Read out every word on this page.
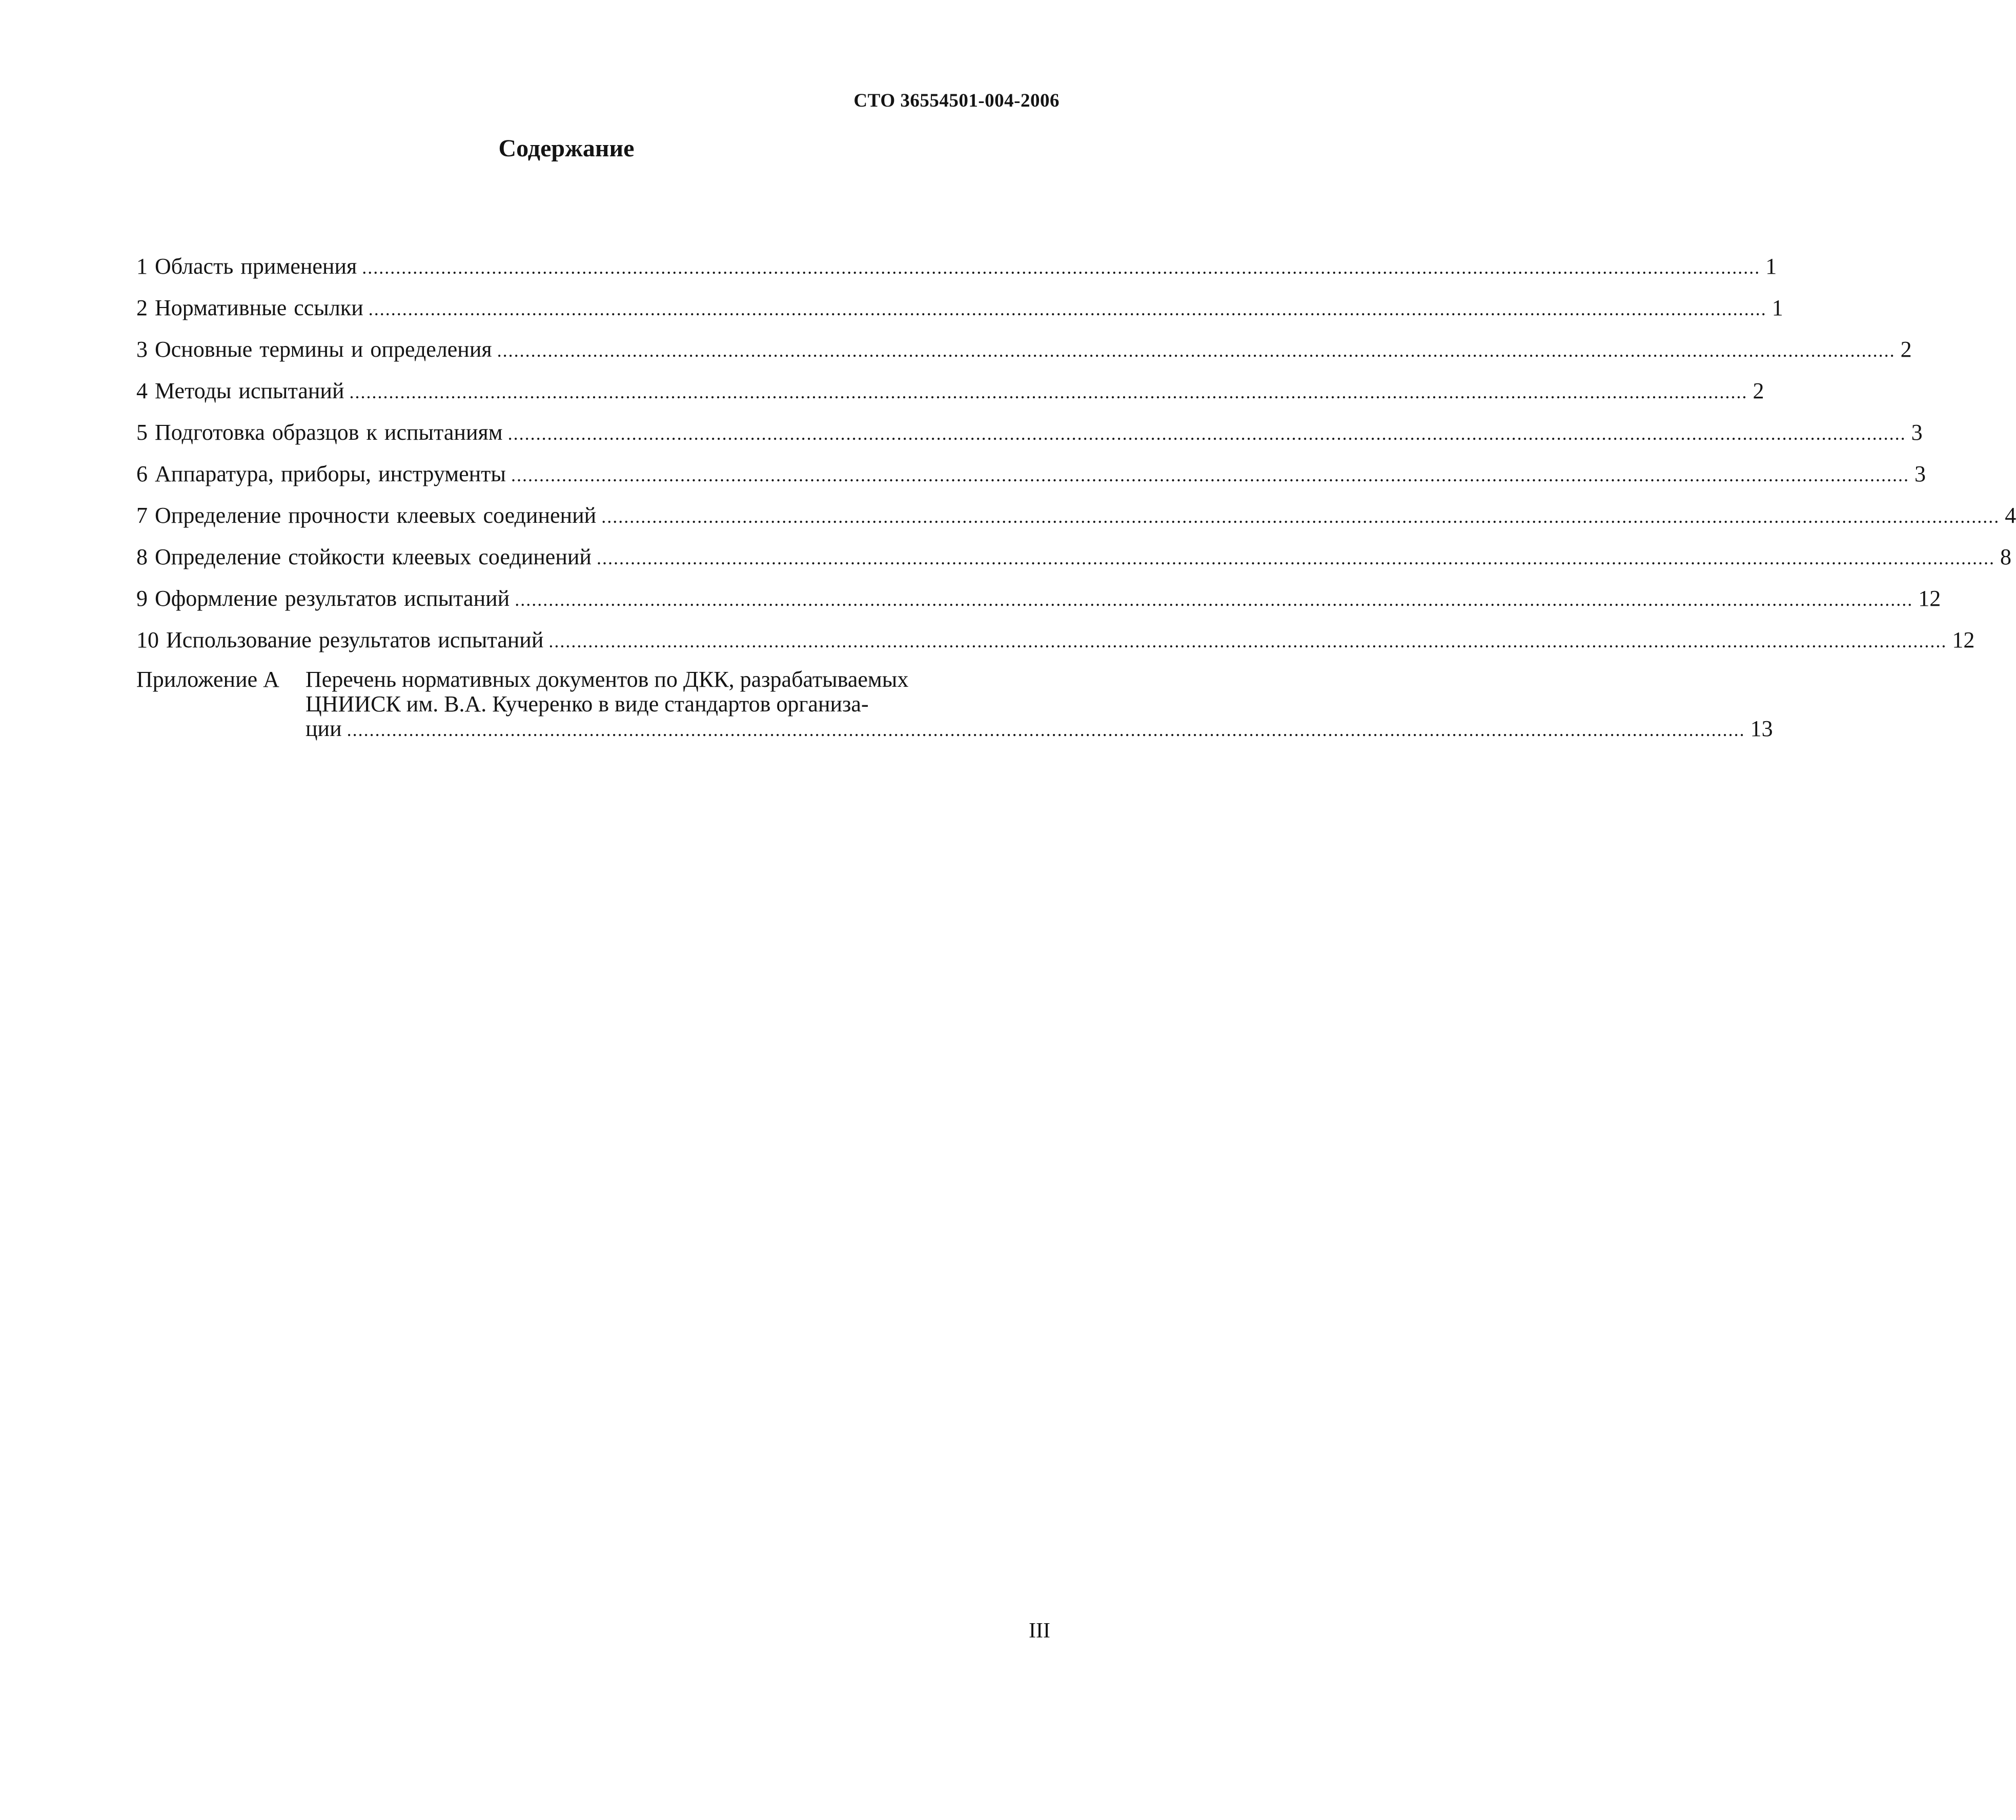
СТО 36554501-004-2006
Содержание
1 Область применения .....	1
2 Нормативные ссылки .....	1
3 Основные термины и определения .....	2
4 Методы испытаний .....	2
5 Подготовка образцов к испытаниям .....	3
6 Аппаратура, приборы, инструменты .....	3
7 Определение прочности клеевых соединений .....	4
8 Определение стойкости клеевых соединений .....	8
9 Оформление результатов испытаний .....	12
10 Использование результатов испытаний .....	12
Приложение А	Перечень нормативных документов по ДКК, разрабатываемых
ЦНИИСК им. В.А. Кучеренко в виде стандартов организа-
ции .....	13
III
